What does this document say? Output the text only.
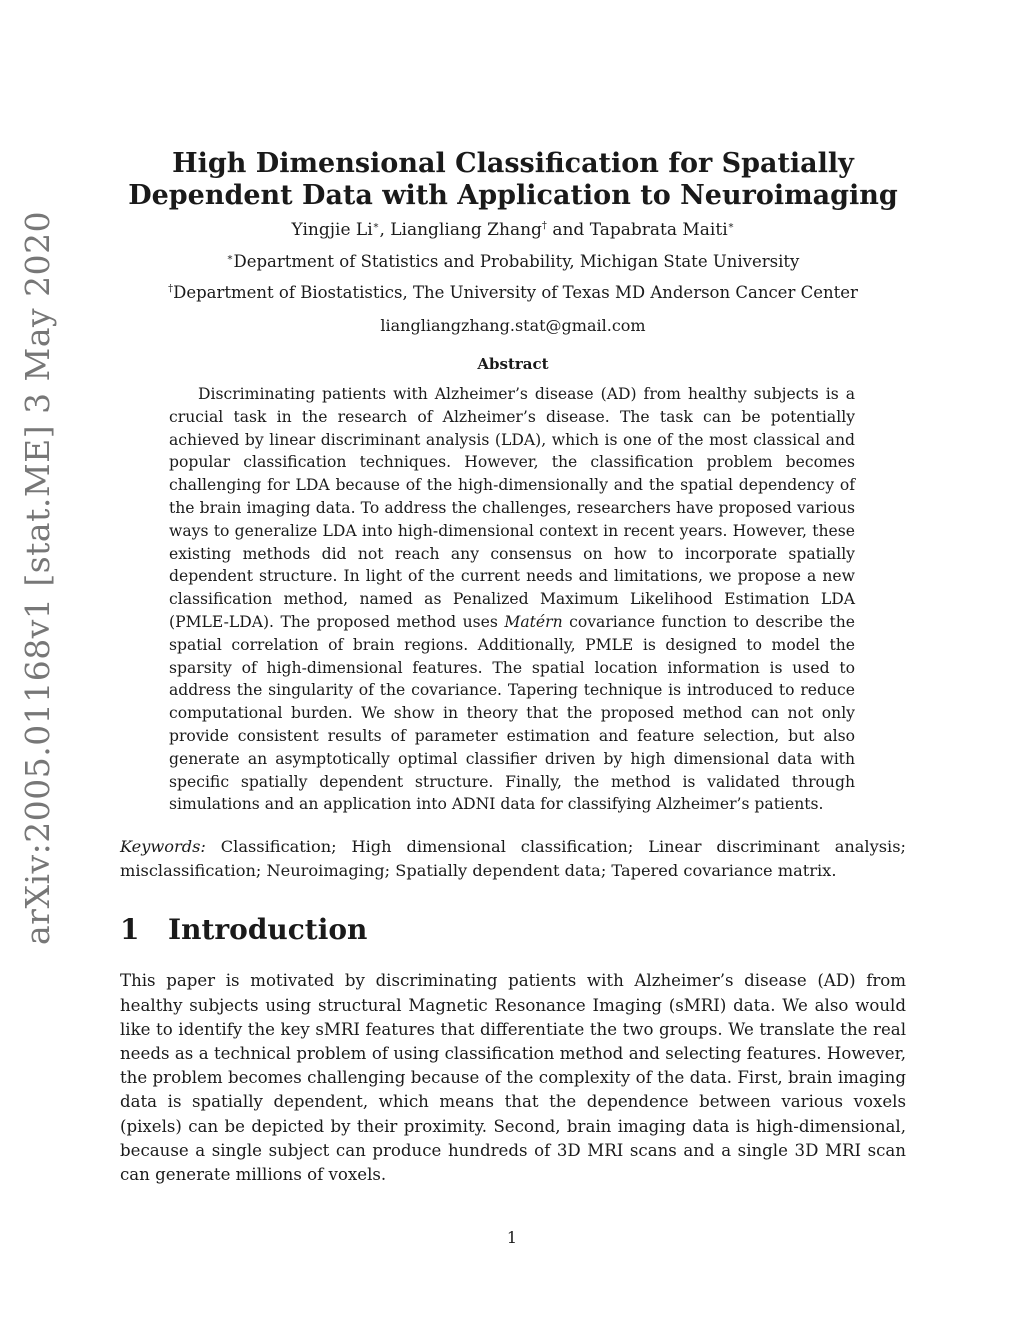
arXiv:2005.01168v1 [stat.ME] 3 May 2020
High Dimensional Classification for Spatially
Dependent Data with Application to Neuroimaging
Yingjie Li∗, Liangliang Zhang† and Tapabrata Maiti∗
∗Department of Statistics and Probability, Michigan State University
†Department of Biostatistics, The University of Texas MD Anderson Cancer Center
liangliangzhang.stat@gmail.com
Abstract

Discriminating patients with Alzheimer’s disease (AD) from healthy subjects is a crucial task in the research of Alzheimer’s disease. The task can be potentially achieved by linear discriminant analysis (LDA), which is one of the most classical and popular classification techniques. However, the classification problem becomes challenging for LDA because of the high-dimensionally and the spatial dependency of the brain imaging data. To address the challenges, researchers have proposed various ways to generalize LDA into high-dimensional context in recent years. However, these existing methods did not reach any consensus on how to incorporate spatially dependent structure. In light of the current needs and limitations, we propose a new classification method, named as Penalized Maximum Likelihood Estimation LDA (PMLE-LDA). The proposed method uses Matérn covariance function to describe the spatial correlation of brain regions. Additionally, PMLE is designed to model the sparsity of high-dimensional features. The spatial location information is used to address the singularity of the covariance. Tapering technique is introduced to reduce computational burden. We show in theory that the proposed method can not only provide consistent results of parameter estimation and feature selection, but also generate an asymptotically optimal classifier driven by high dimensional data with specific spatially dependent structure. Finally, the method is validated through simulations and an application into ADNI data for classifying Alzheimer’s patients.

Keywords: Classification; High dimensional classification; Linear discriminant analysis; misclassification; Neuroimaging; Spatially dependent data; Tapered covariance matrix.
1	Introduction

This paper is motivated by discriminating patients with Alzheimer’s disease (AD) from healthy subjects using structural Magnetic Resonance Imaging (sMRI) data. We also would like to identify the key sMRI features that differentiate the two groups. We translate the real needs as a technical problem of using classification method and selecting features. However, the problem becomes challenging because of the complexity of the data. First, brain imaging data is spatially dependent, which means that the dependence between various voxels (pixels) can be depicted by their proximity. Second, brain imaging data is high-dimensional, because a single subject can produce hundreds of 3D MRI scans and a single 3D MRI scan can generate millions of voxels.

1
